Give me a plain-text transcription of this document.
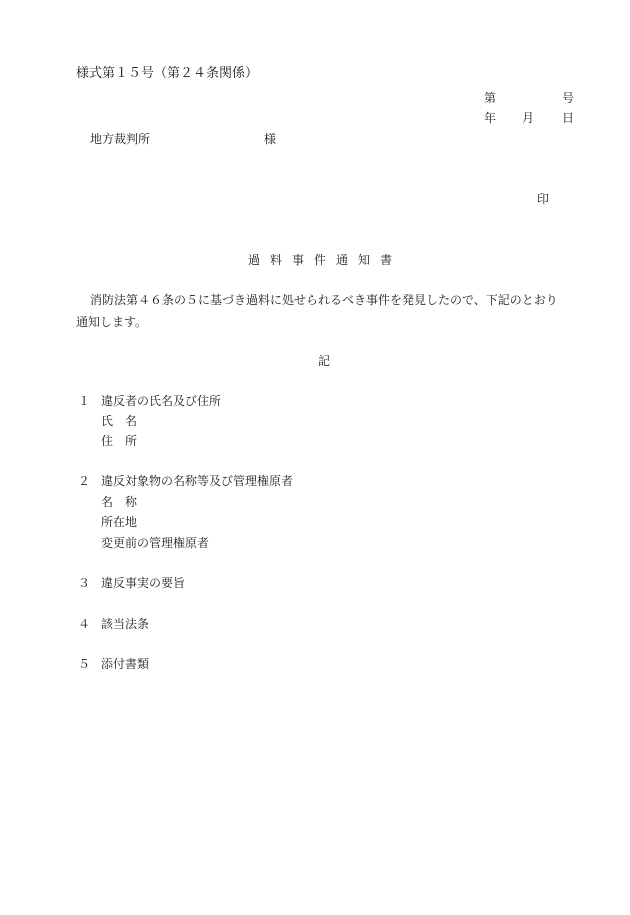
様式第１５号（第２４条関係）
第	号
年 月 日
地方裁判所	様
印
過料事件通知書
消防法第４６条の５に基づき過料に処せられるべき事件を発見したので、下記のとおり
通知します。
記
１ 違反者の氏名及び住所
氏　名
住　所
２ 違反対象物の名称等及び管理権原者
名　称
所在地
変更前の管理権原者
３ 違反事実の要旨
４ 該当法条
５ 添付書類
